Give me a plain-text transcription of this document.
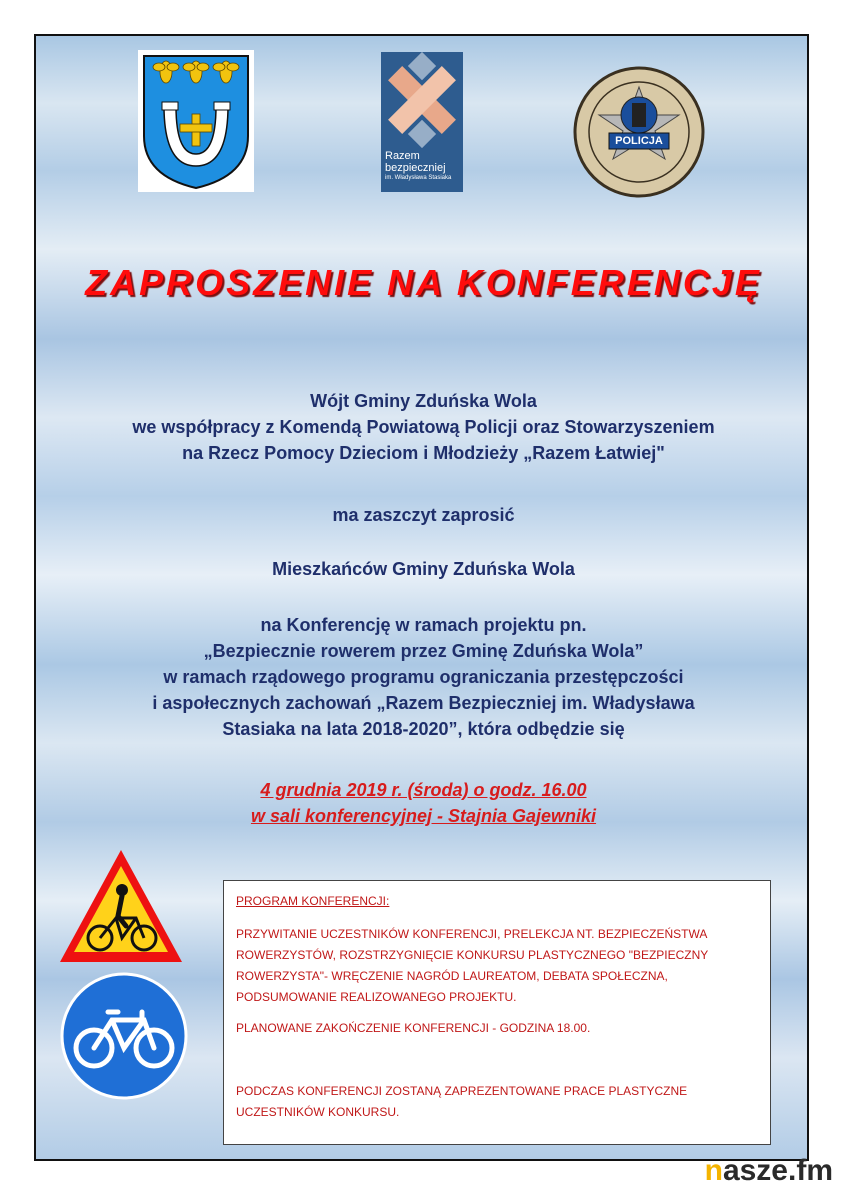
Razem
bezpieczniej
im. Władysława Stasiaka
POLICJA
ZAPROSZENIE NA KONFERENCJĘ
Wójt Gminy Zduńska Wola
we współpracy z Komendą Powiatową Policji oraz Stowarzyszeniem
na Rzecz Pomocy Dzieciom i Młodzieży „Razem Łatwiej"
ma zaszczyt zaprosić
Mieszkańców Gminy Zduńska Wola
na Konferencję w ramach projektu pn.
„Bezpiecznie rowerem przez Gminę Zduńska Wola”
w ramach rządowego programu ograniczania przestępczości
i aspołecznych zachowań „Razem Bezpieczniej im. Władysława
Stasiaka na lata 2018-2020”, która odbędzie się
4 grudnia 2019 r. (środa) o godz. 16.00
w sali konferencyjnej - Stajnia Gajewniki

PROGRAM KONFERENCJI:

PRZYWITANIE UCZESTNIKÓW KONFERENCJI, PRELEKCJA NT. BEZPIECZEŃSTWA ROWERZYSTÓW, ROZSTRZYGNIĘCIE KONKURSU PLASTYCZNEGO "BEZPIECZNY ROWERZYSTA"- WRĘCZENIE NAGRÓD LAUREATOM, DEBATA SPOŁECZNA, PODSUMOWANIE REALIZOWANEGO PROJEKTU.

PLANOWANE ZAKOŃCZENIE KONFERENCJI - GODZINA 18.00.

PODCZAS KONFERENCJI ZOSTANĄ ZAPREZENTOWANE PRACE PLASTYCZNE UCZESTNIKÓW KONKURSU.

nasze.fm
